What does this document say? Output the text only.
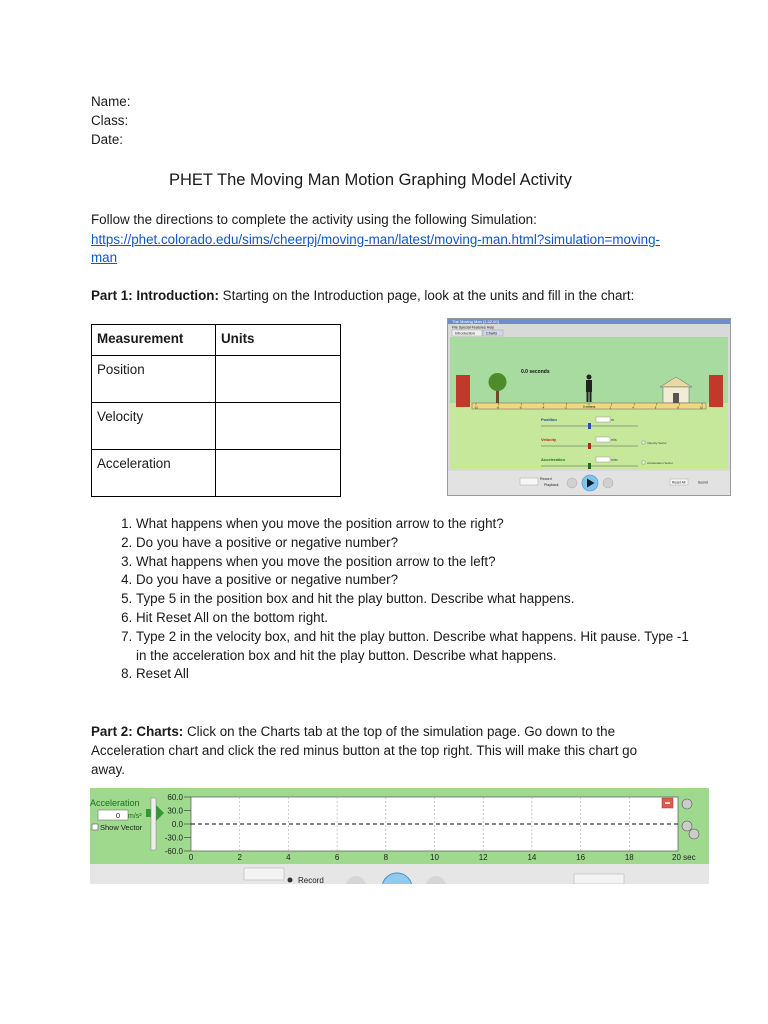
Name:
Class:
Date:
PHET The Moving Man Motion Graphing Model Activity
Follow the directions to complete the activity using the following Simulation:
https://phet.colorado.edu/sims/cheerpj/moving-man/latest/moving-man.html?simulation=moving-
man
Part 1: Introduction: Starting on the Introduction page, look at the units and fill in the chart:
Measurement	Units
Position	
Velocity	
Acceleration	
The Moving Man (1.02.00)
File Special Features Help
Introduction	Charts
0.0 seconds
-10	-8	-6	-4	-2	2	4	6	8	10
0 meters
Position	m
Velocity	m/s
Velocity Vector
Acceleration	m/s²
Acceleration Vector
Record
Playback
Reset All	Sound
1. What happens when you move the position arrow to the right?
2. Do you have a positive or negative number?
3. What happens when you move the position arrow to the left?
4. Do you have a positive or negative number?
5. Type 5 in the position box and hit the play button. Describe what happens.
6. Hit Reset All on the bottom right.
7. Type 2 in the velocity box, and hit the play button. Describe what happens. Hit pause. Type -1 in the acceleration box and hit the play button. Describe what happens.
8. Reset All
Part 2: Charts: Click on the Charts tab at the top of the simulation page. Go down to the
Acceleration chart and click the red minus button at the top right. This will make this chart go
away.
Acceleration
0 m/s²
Show Vector
60.0
30.0
0.0
-30.0
-60.0
0	2	4	6	8	10	12	14	16	18	20 sec
Record
